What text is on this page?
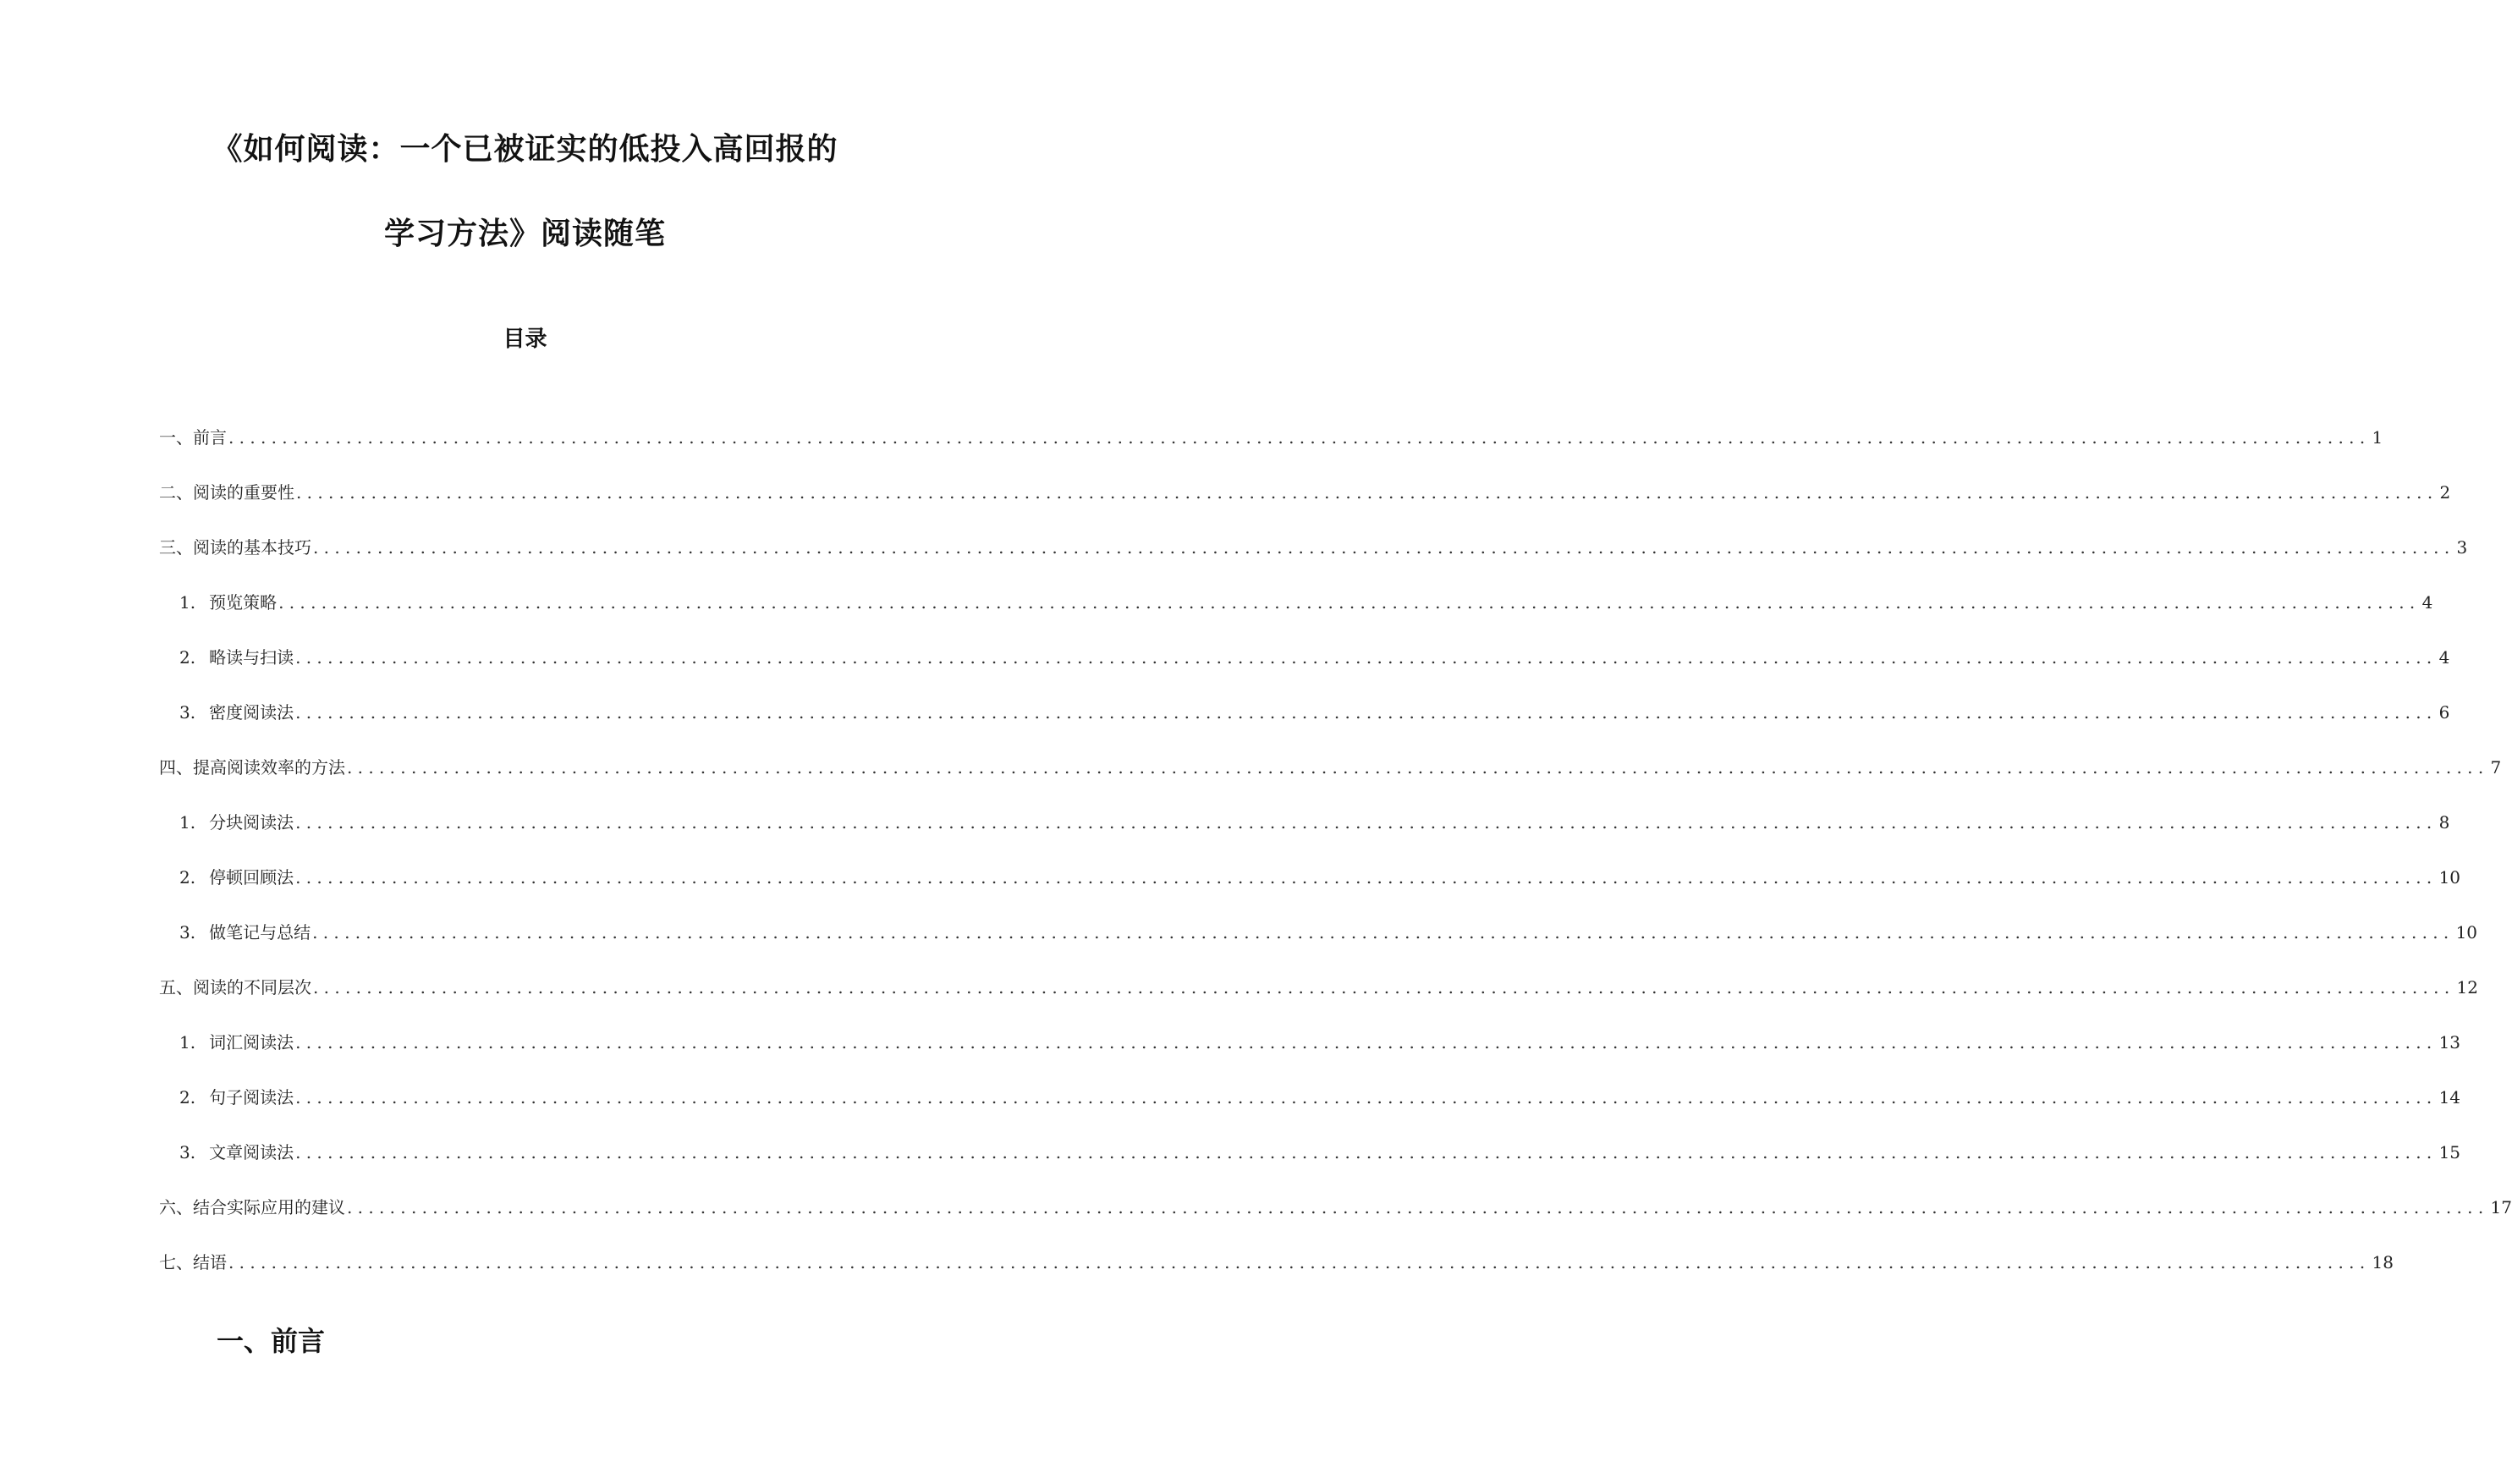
《如何阅读：一个已被证实的低投入高回报的
学习方法》阅读随笔
目录
一、前言 ........................................................................................................................................................................................................ 1
二、阅读的重要性 ........................................................................................................................................................................................................ 2
三、阅读的基本技巧 ........................................................................................................................................................................................................ 3
1. 预览策略 ........................................................................................................................................................................................................ 4
2. 略读与扫读 ........................................................................................................................................................................................................ 4
3. 密度阅读法 ........................................................................................................................................................................................................ 6
四、提高阅读效率的方法 ........................................................................................................................................................................................................ 7
1. 分块阅读法 ........................................................................................................................................................................................................ 8
2. 停顿回顾法 ........................................................................................................................................................................................................ 10
3. 做笔记与总结 ........................................................................................................................................................................................................ 10
五、阅读的不同层次 ........................................................................................................................................................................................................ 12
1. 词汇阅读法 ........................................................................................................................................................................................................ 13
2. 句子阅读法 ........................................................................................................................................................................................................ 14
3. 文章阅读法 ........................................................................................................................................................................................................ 15
六、结合实际应用的建议 ........................................................................................................................................................................................................ 17
七、结语 ........................................................................................................................................................................................................ 18
一、前言
